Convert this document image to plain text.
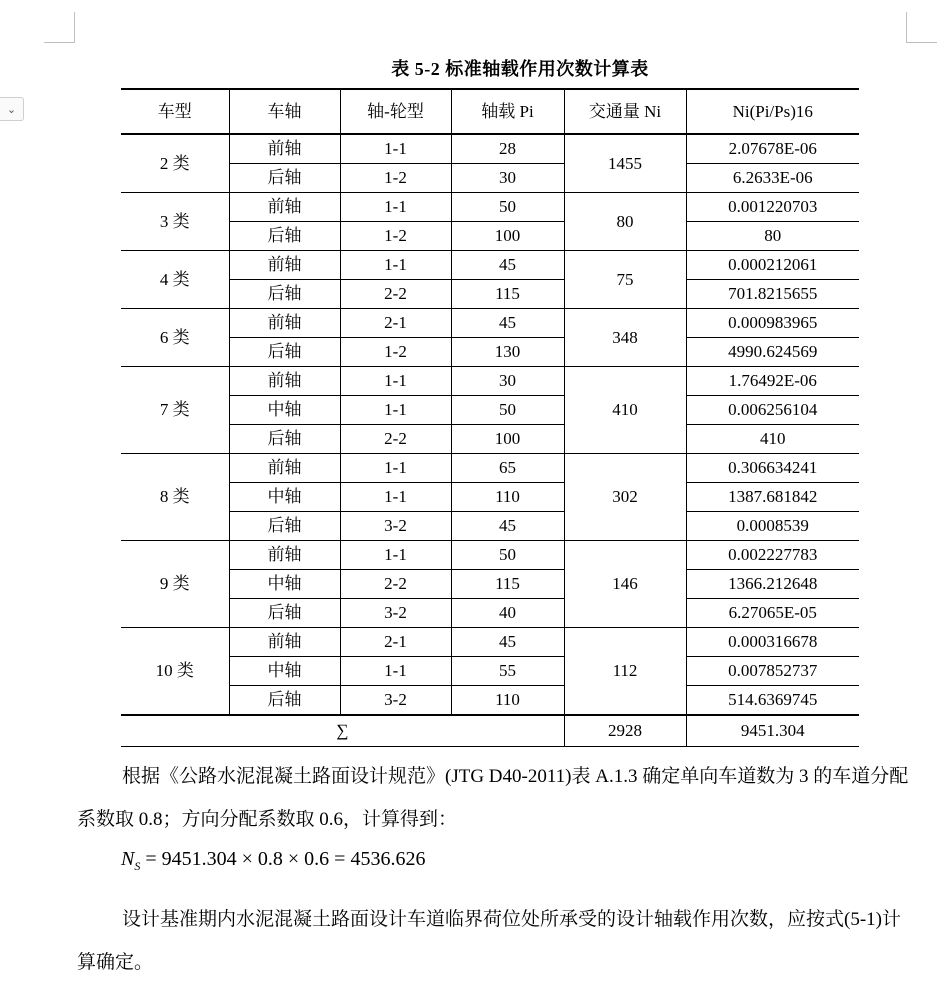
⌄
表 5-2 标准轴载作用次数计算表
车型	车轴	轴-轮型	轴载 Pi	交通量 Ni	Ni(Pi/Ps)16
2 类	前轴	1-1	28	1455	2.07678E-06
	后轴	1-2	30		6.2633E-06
3 类	前轴	1-1	50	80	0.001220703
	后轴	1-2	100		80
4 类	前轴	1-1	45	75	0.000212061
	后轴	2-2	115		701.8215655
6 类	前轴	2-1	45	348	0.000983965
	后轴	1-2	130		4990.624569
7 类	前轴	1-1	30	410	1.76492E-06
	中轴	1-1	50		0.006256104
	后轴	2-2	100		410
8 类	前轴	1-1	65	302	0.306634241
	中轴	1-1	110		1387.681842
	后轴	3-2	45		0.0008539
9 类	前轴	1-1	50	146	0.002227783
	中轴	2-2	115		1366.212648
	后轴	3-2	40		6.27065E-05
10 类	前轴	2-1	45	112	0.000316678
	中轴	1-1	55		0.007852737
	后轴	3-2	110		514.6369745
∑				2928	9451.304

根据《公路水泥混凝土路面设计规范》(JTG D40-2011)表 A.1.3 确定单向车道数为 3 的车道分配系数取 0.8；方向分配系数取 0.6，计算得到：

$N_S = 9451.304 \times 0.8 \times 0.6 = 4536.626$

设计基准期内水泥混凝土路面设计车道临界荷位处所承受的设计轴载作用次数，应按式(5-1)计算确定。
